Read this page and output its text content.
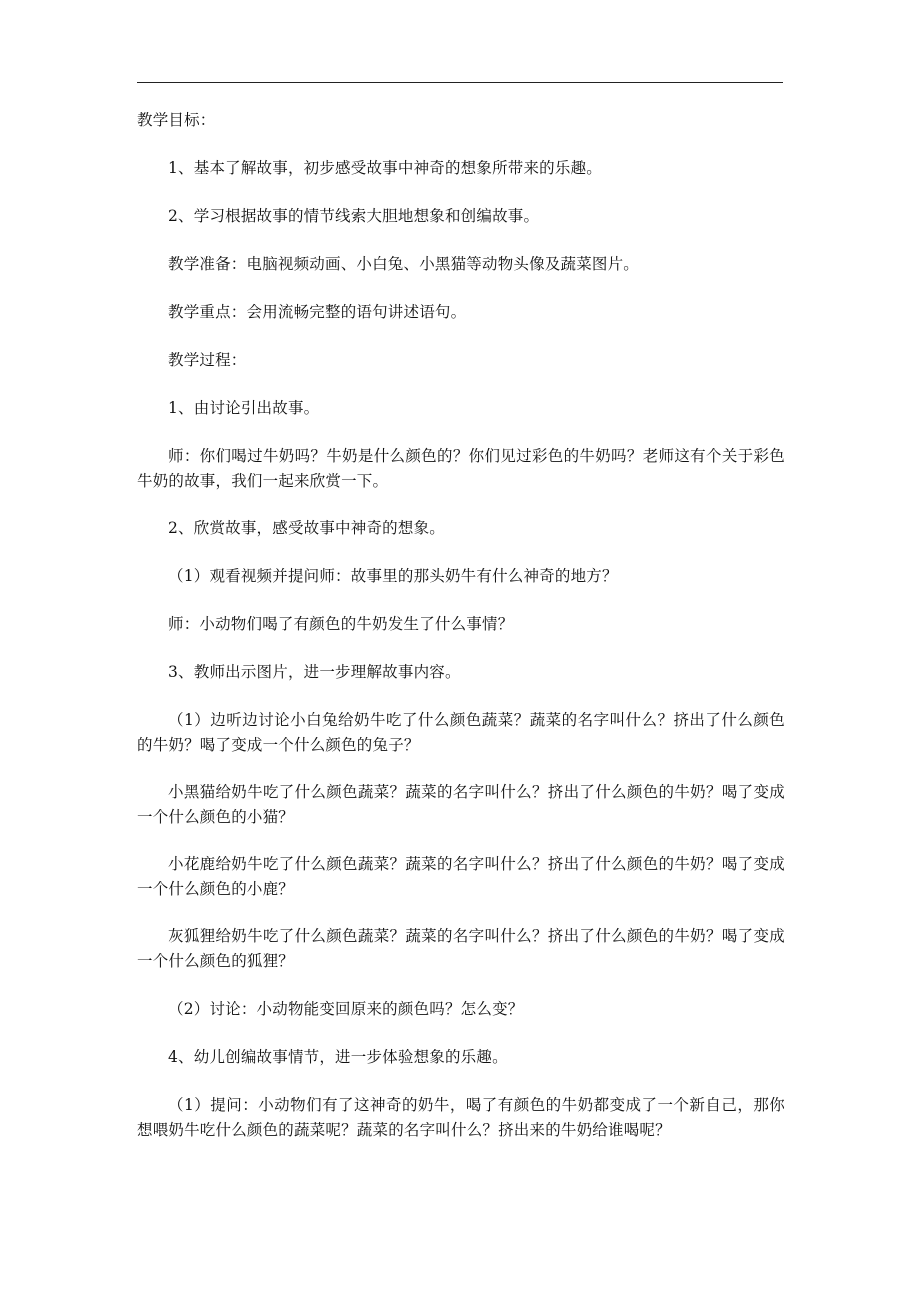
教学目标：

1、基本了解故事，初步感受故事中神奇的想象所带来的乐趣。

2、学习根据故事的情节线索大胆地想象和创编故事。

教学准备：电脑视频动画、小白兔、小黑猫等动物头像及蔬菜图片。

教学重点：会用流畅完整的语句讲述语句。

教学过程：

1、由讨论引出故事。

师：你们喝过牛奶吗？牛奶是什么颜色的？你们见过彩色的牛奶吗？老师这有个关于彩色牛奶的故事，我们一起来欣赏一下。

2、欣赏故事，感受故事中神奇的想象。

（1）观看视频并提问师：故事里的那头奶牛有什么神奇的地方？

师：小动物们喝了有颜色的牛奶发生了什么事情？

3、教师出示图片，进一步理解故事内容。

（1）边听边讨论小白兔给奶牛吃了什么颜色蔬菜？蔬菜的名字叫什么？挤出了什么颜色的牛奶？喝了变成一个什么颜色的兔子？

小黑猫给奶牛吃了什么颜色蔬菜？蔬菜的名字叫什么？挤出了什么颜色的牛奶？喝了变成一个什么颜色的小猫？

小花鹿给奶牛吃了什么颜色蔬菜？蔬菜的名字叫什么？挤出了什么颜色的牛奶？喝了变成一个什么颜色的小鹿？

灰狐狸给奶牛吃了什么颜色蔬菜？蔬菜的名字叫什么？挤出了什么颜色的牛奶？喝了变成一个什么颜色的狐狸？

（2）讨论：小动物能变回原来的颜色吗？怎么变？

4、幼儿创编故事情节，进一步体验想象的乐趣。

（1）提问：小动物们有了这神奇的奶牛，喝了有颜色的牛奶都变成了一个新自己，那你想喂奶牛吃什么颜色的蔬菜呢？蔬菜的名字叫什么？挤出来的牛奶给谁喝呢？
